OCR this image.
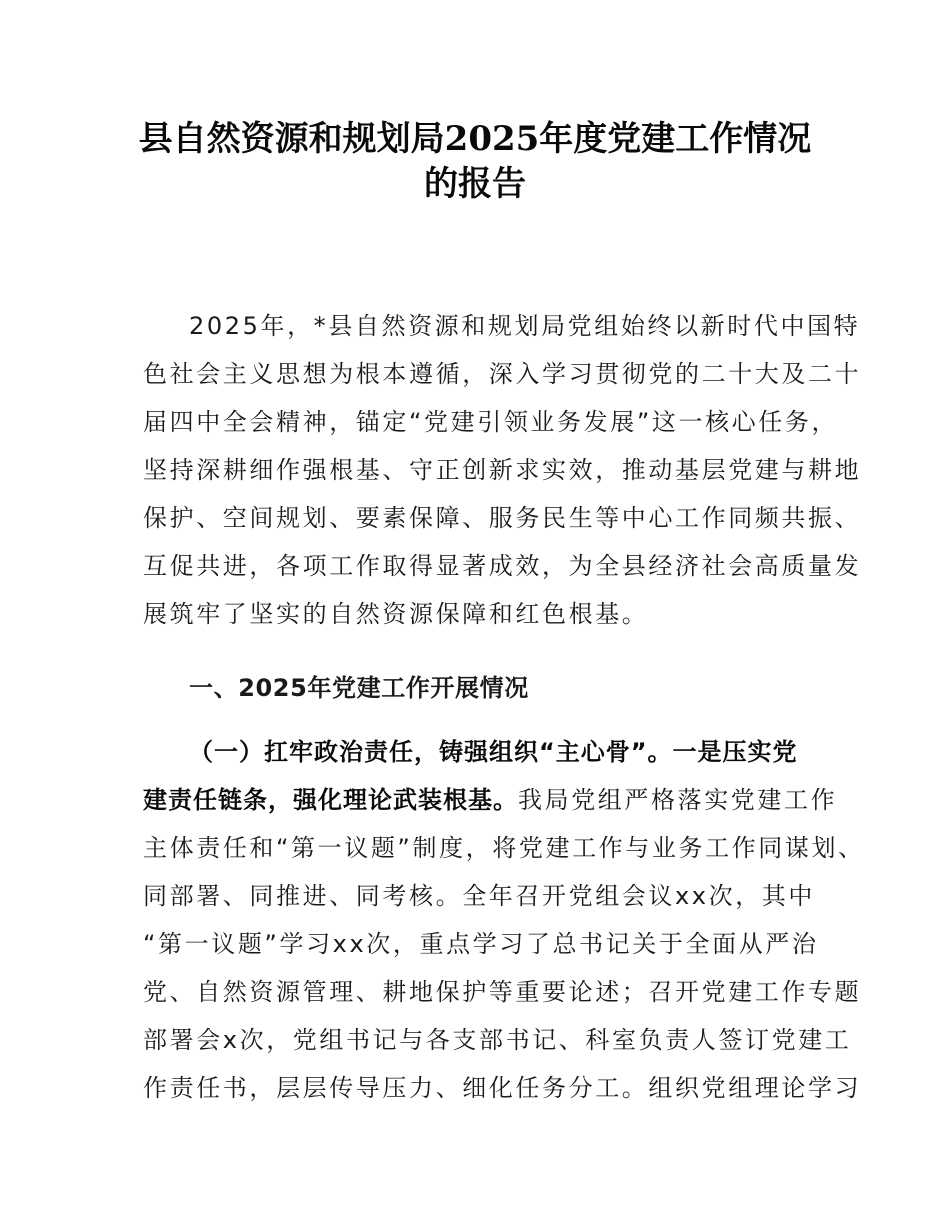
县自然资源和规划局2025年度党建工作情况
的报告
2025年，*县自然资源和规划局党组始终以新时代中国特
色社会主义思想为根本遵循，深入学习贯彻党的二十大及二十
届四中全会精神，锚定“党建引领业务发展”这一核心任务，
坚持深耕细作强根基、守正创新求实效，推动基层党建与耕地
保护、空间规划、要素保障、服务民生等中心工作同频共振、
互促共进，各项工作取得显著成效，为全县经济社会高质量发
展筑牢了坚实的自然资源保障和红色根基。
一、2025年党建工作开展情况
（一）扛牢政治责任，铸强组织“主心骨”。一是压实党
建责任链条，强化理论武装根基。我局党组严格落实党建工作
主体责任和“第一议题”制度，将党建工作与业务工作同谋划、
同部署、同推进、同考核。全年召开党组会议xx次，其中
“第一议题”学习xx次，重点学习了总书记关于全面从严治
党、自然资源管理、耕地保护等重要论述；召开党建工作专题
部署会x次，党组书记与各支部书记、科室负责人签订党建工
作责任书，层层传导压力、细化任务分工。组织党组理论学习
